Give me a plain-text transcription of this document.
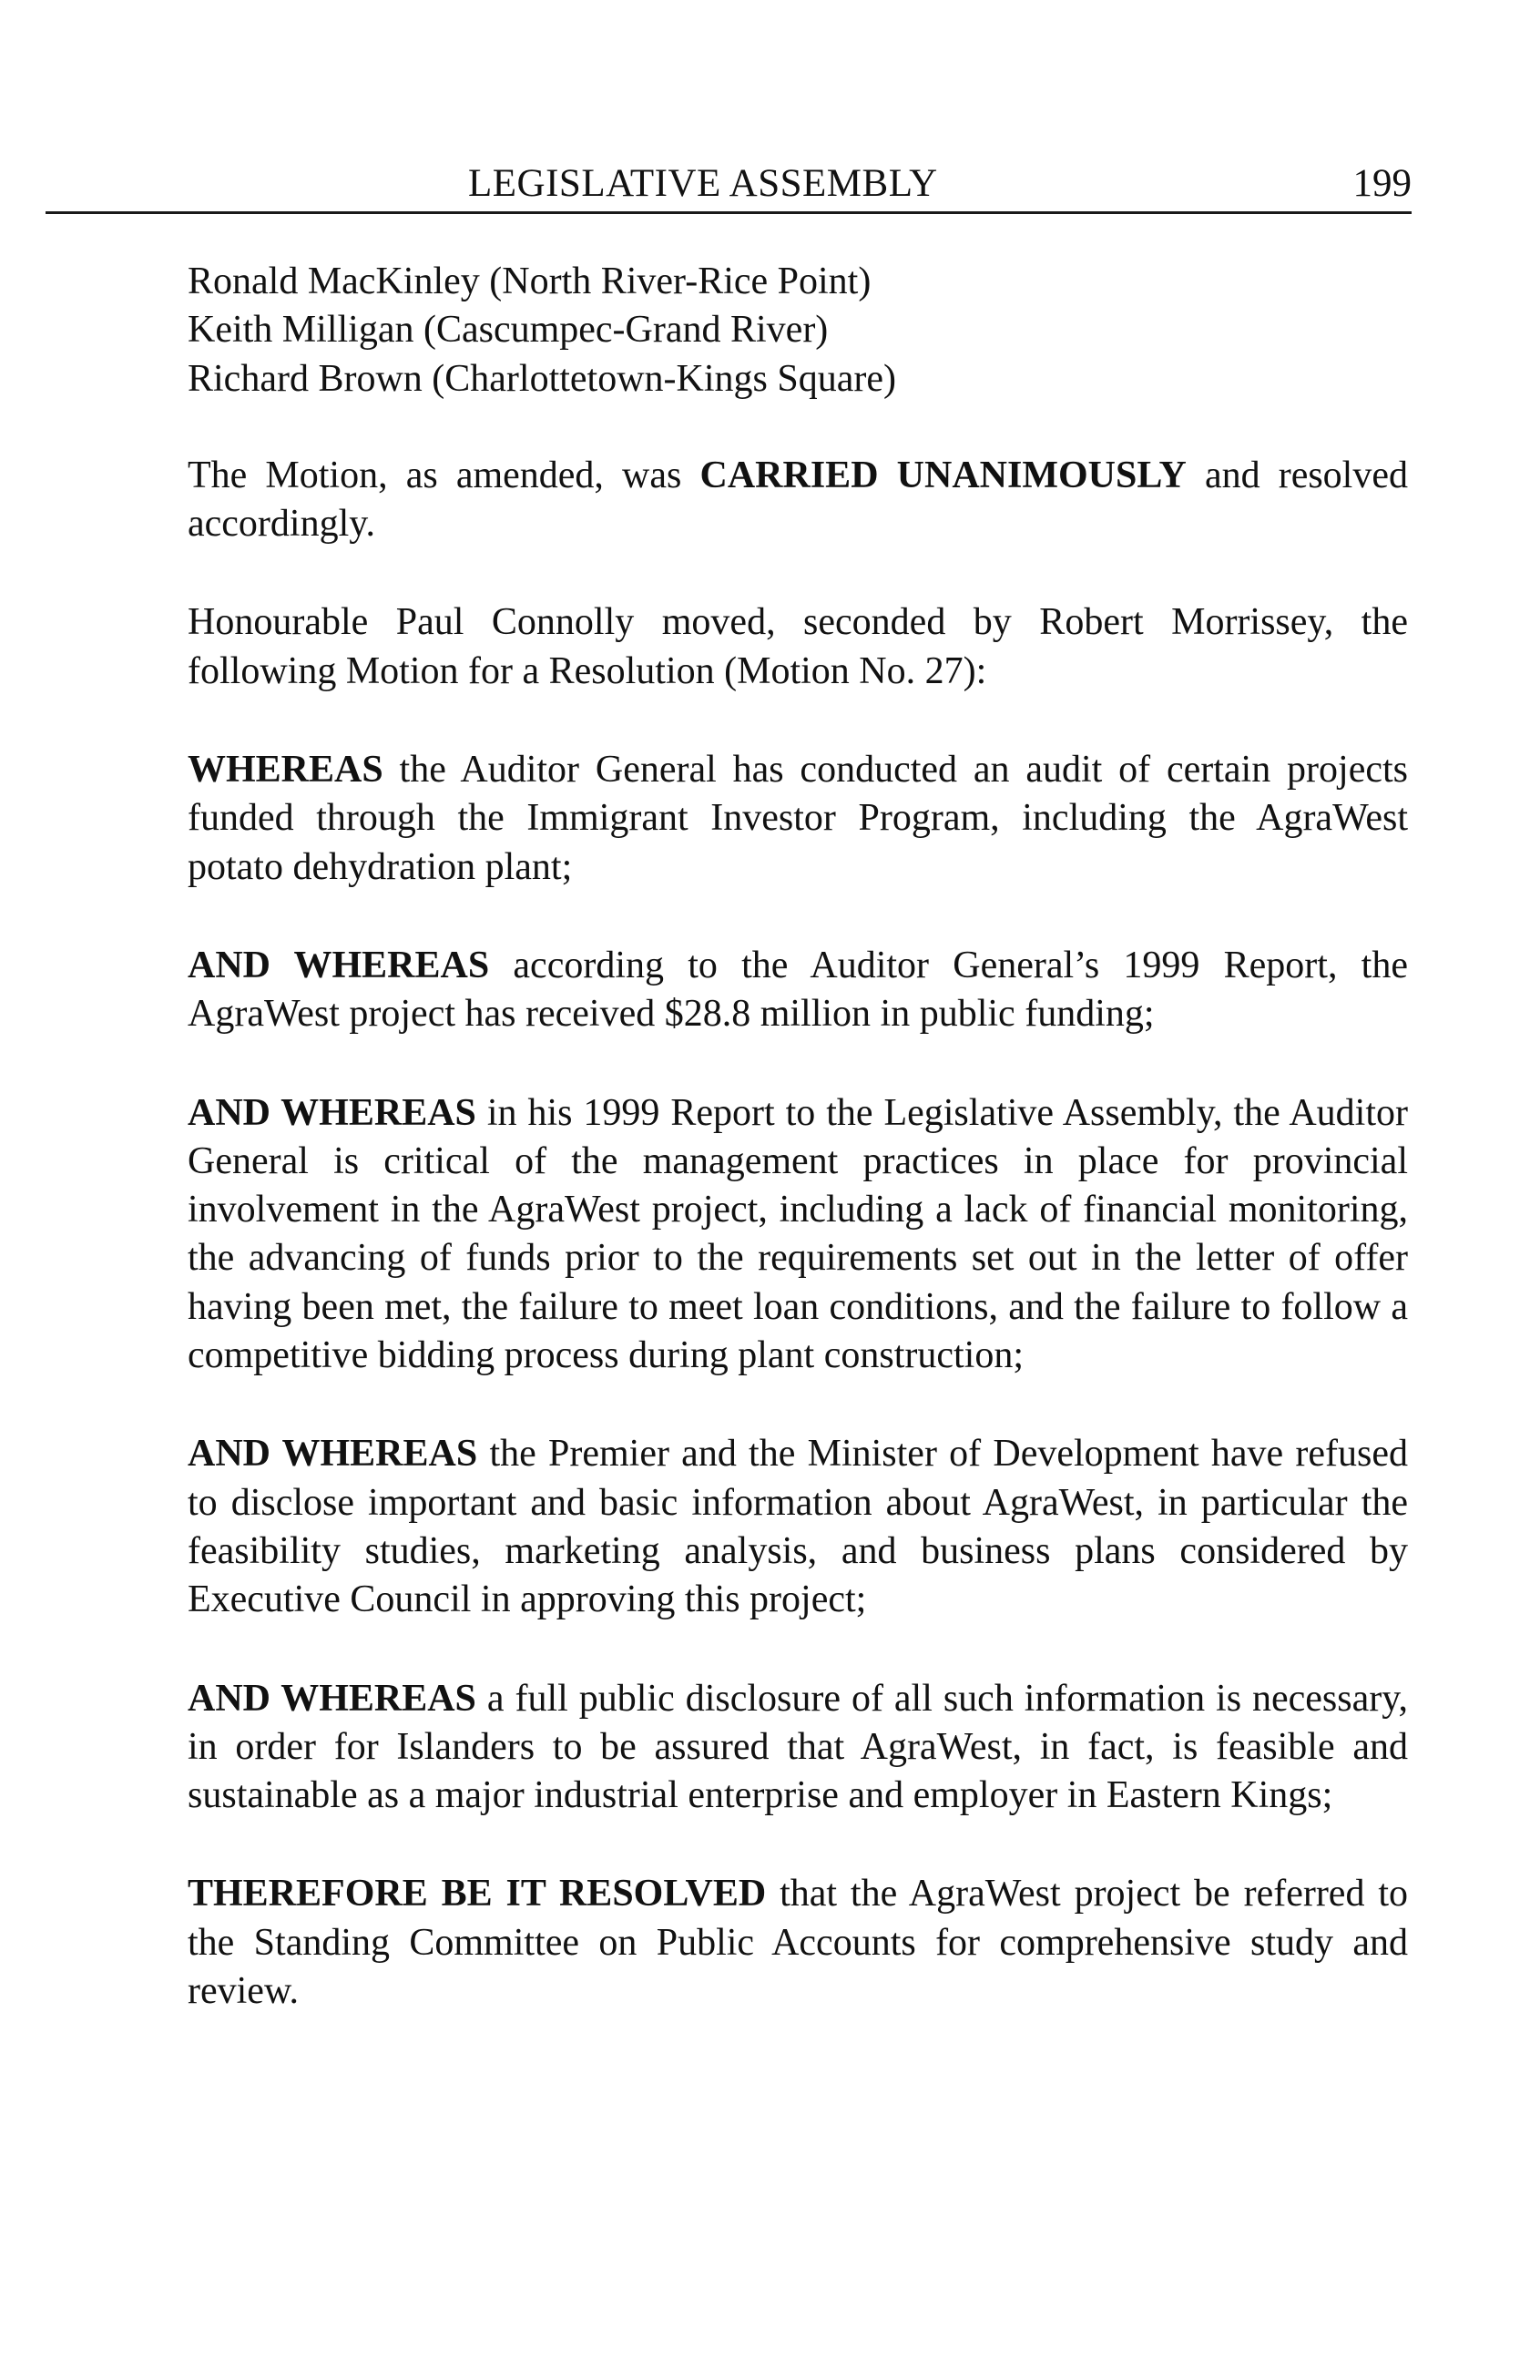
LEGISLATIVE ASSEMBLY	199

Ronald MacKinley (North River-Rice Point)

Keith Milligan (Cascumpec-Grand River)

Richard Brown (Charlottetown-Kings Square)

The Motion, as amended, was CARRIED UNANIMOUSLY and resolved accordingly.

Honourable Paul Connolly moved, seconded by Robert Morrissey, the following Motion for a Resolution (Motion No. 27):

WHEREAS the Auditor General has conducted an audit of certain projects funded through the Immigrant Investor Program, including the AgraWest potato dehydration plant;

AND WHEREAS according to the Auditor General’s 1999 Report, the AgraWest project has received $28.8 million in public funding;

AND WHEREAS in his 1999 Report to the Legislative Assembly, the Auditor General is critical of the management practices in place for provincial involvement in the AgraWest project, including a lack of financial monitoring, the advancing of funds prior to the requirements set out in the letter of offer having been met, the failure to meet loan conditions, and the failure to follow a competitive bidding process during plant construction;

AND WHEREAS the Premier and the Minister of Development have refused to disclose important and basic information about AgraWest, in particular the feasibility studies, marketing analysis, and business plans considered by Executive Council in approving this project;

AND WHEREAS a full public disclosure of all such information is necessary, in order for Islanders to be assured that AgraWest, in fact, is feasible and sustainable as a major industrial enterprise and employer in Eastern Kings;

THEREFORE BE IT RESOLVED that the AgraWest project be referred to the Standing Committee on Public Accounts for comprehensive study and review.
